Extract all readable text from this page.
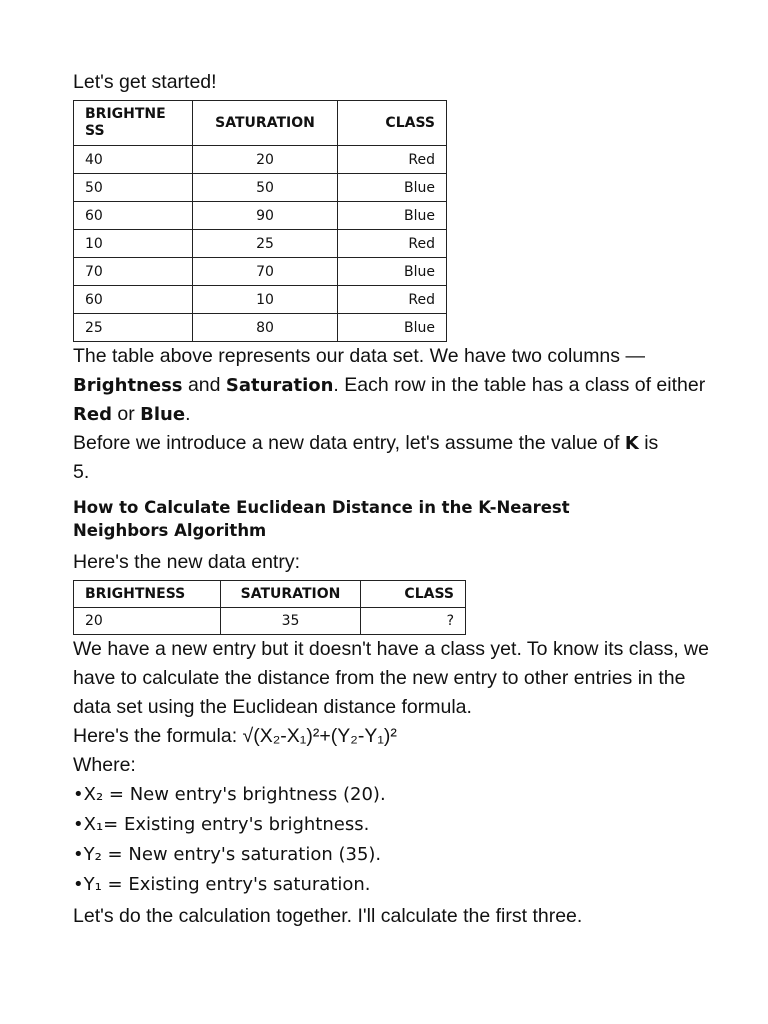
Let's get started!

BRIGHTNE SS	SATURATION	CLASS
40	20	Red
50	50	Blue
60	90	Blue
10	25	Red
70	70	Blue
60	10	Red
25	80	Blue

The table above represents our data set. We have two columns —
Brightness and Saturation. Each row in the table has a class of either Red or Blue.

Before we introduce a new data entry, let's assume the value of K is 5.

How to Calculate Euclidean Distance in the K-Nearest Neighbors Algorithm

Here's the new data entry:

BRIGHTNESS	SATURATION	CLASS
20	35	?

We have a new entry but it doesn't have a class yet. To know its class, we have to calculate the distance from the new entry to other entries in the data set using the Euclidean distance formula.

Here's the formula: √(X₂-X₁)²+(Y₂-Y₁)²

Where:

•X₂ = New entry's brightness (20).

•X₁= Existing entry's brightness.

•Y₂ = New entry's saturation (35).

•Y₁ = Existing entry's saturation.

Let's do the calculation together. I'll calculate the first three.
